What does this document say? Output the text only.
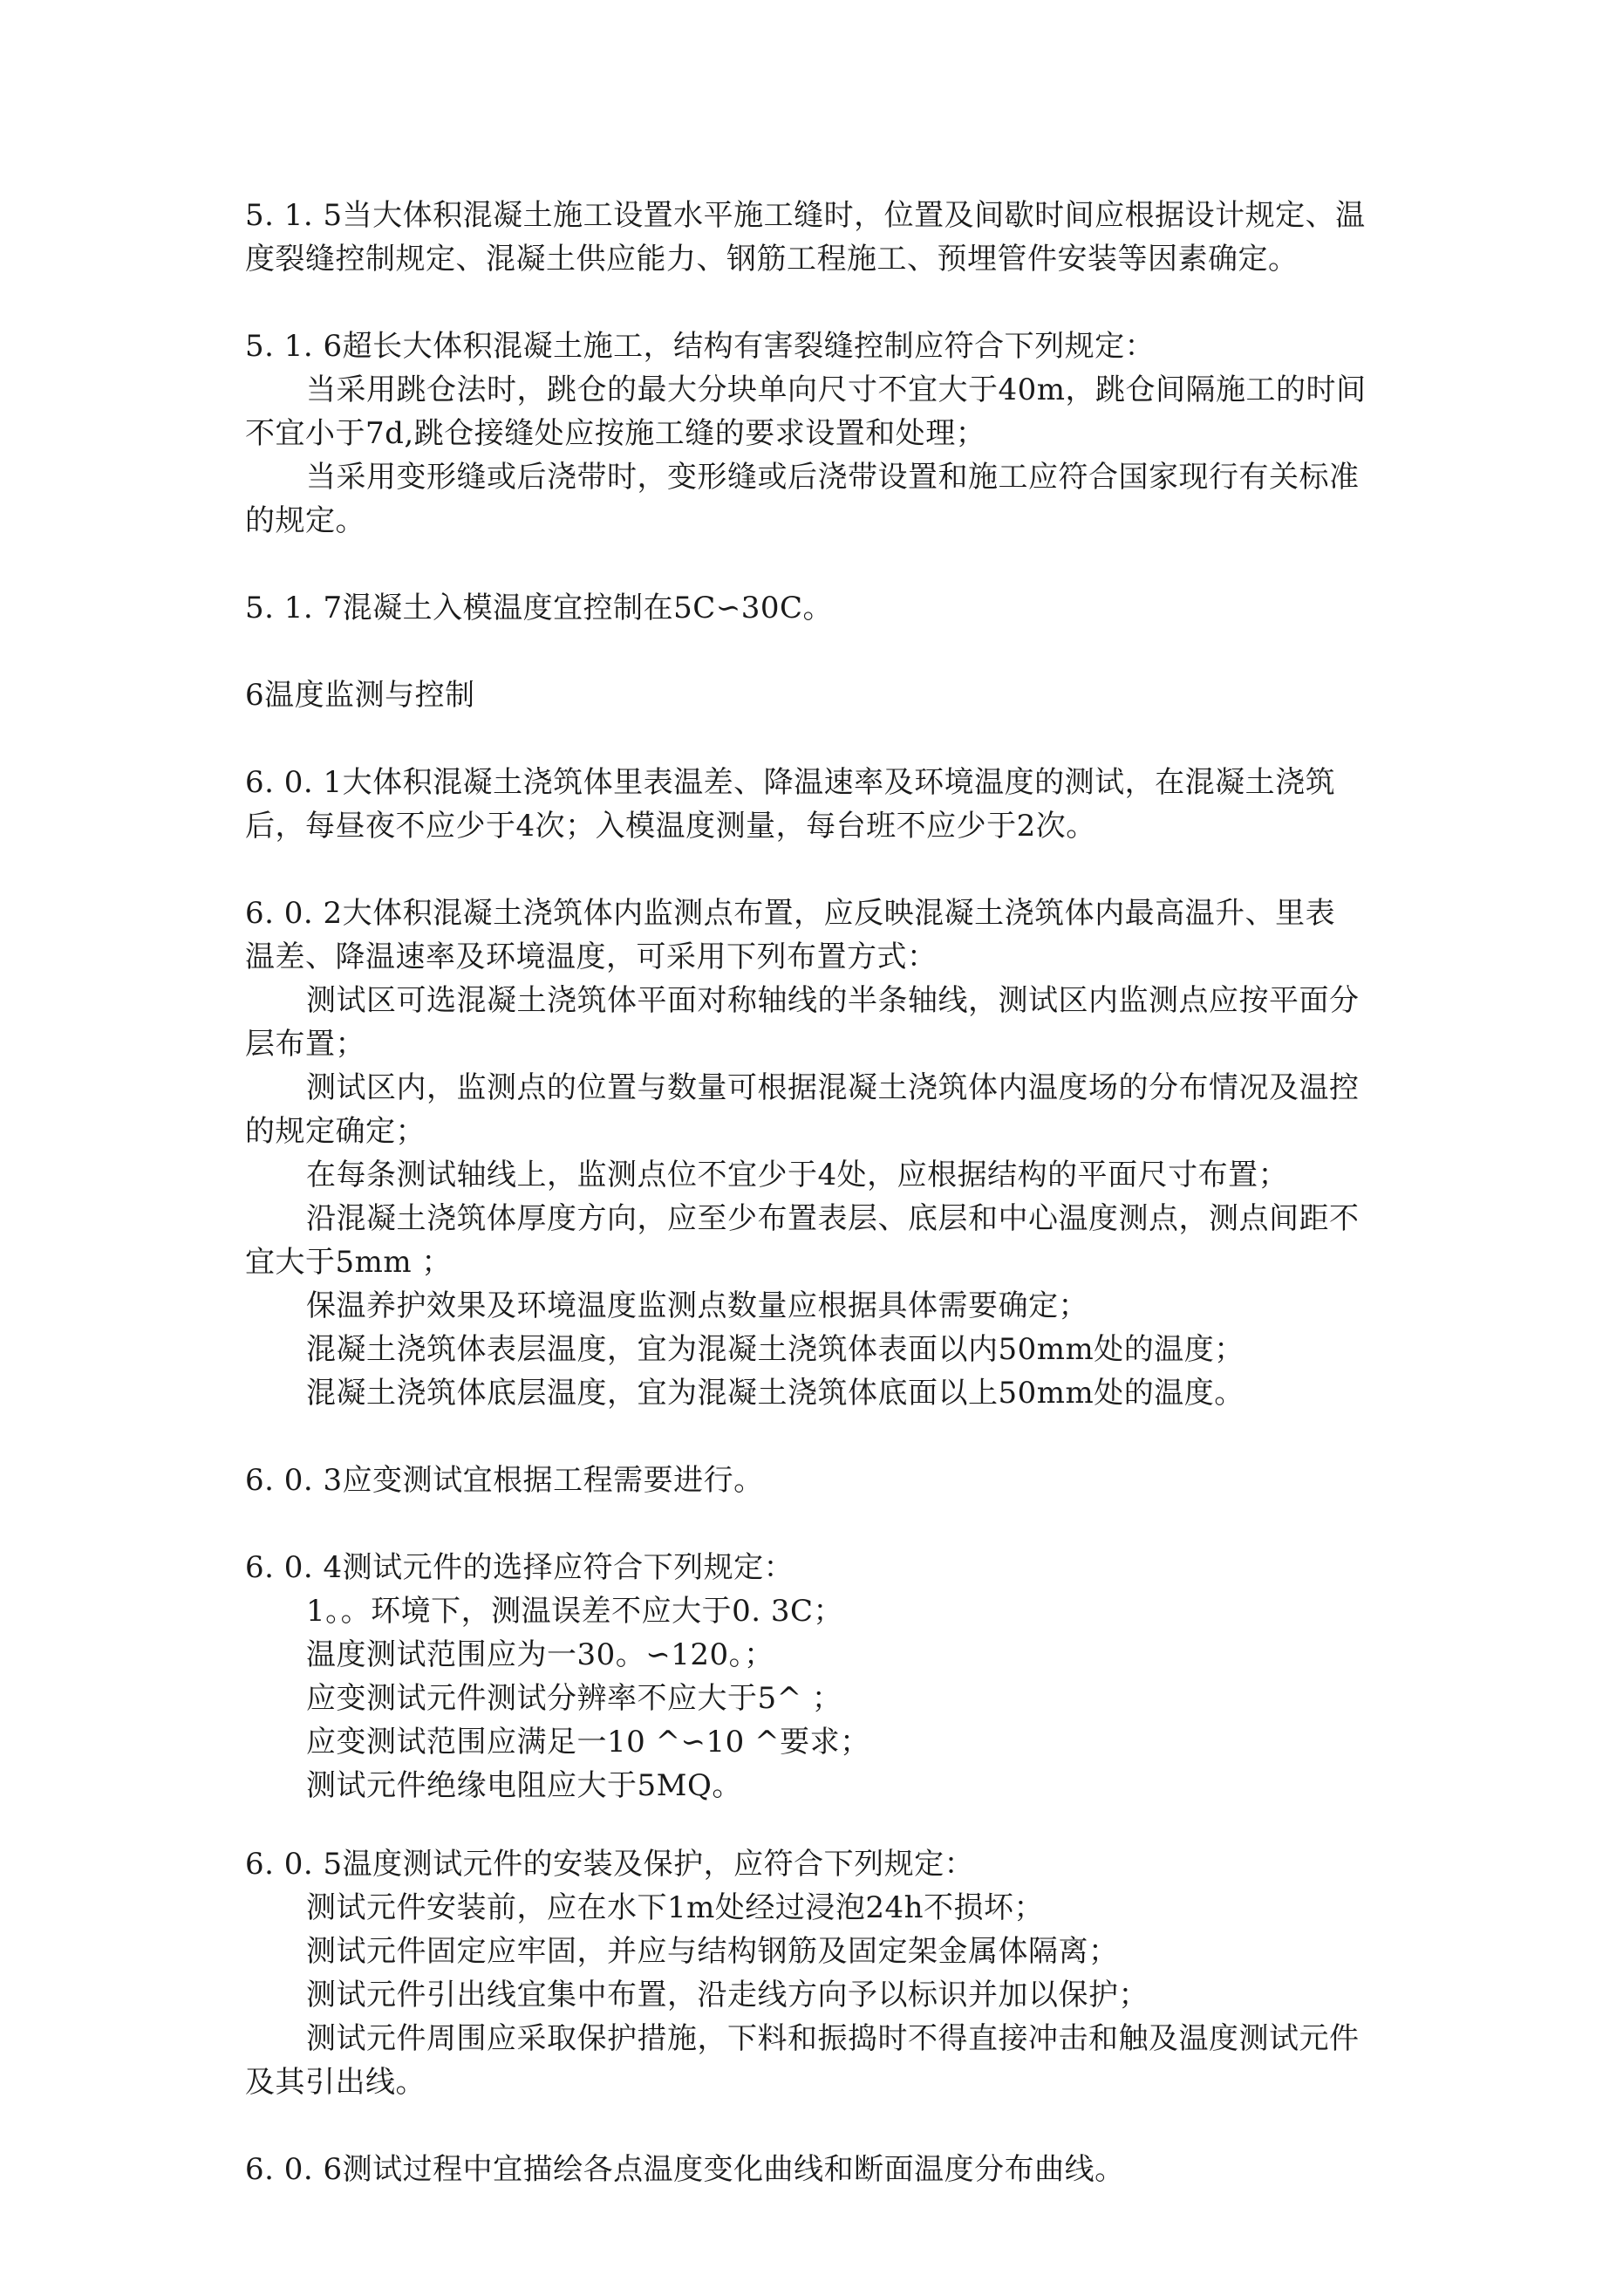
5. 1. 5当大体积混凝土施工设置水平施工缝时，位置及间歇时间应根据设计规定、温
度裂缝控制规定、混凝土供应能力、钢筋工程施工、预埋管件安装等因素确定。
5. 1. 6超长大体积混凝土施工，结构有害裂缝控制应符合下列规定：
当采用跳仓法时，跳仓的最大分块单向尺寸不宜大于40m，跳仓间隔施工的时间
不宜小于7d,跳仓接缝处应按施工缝的要求设置和处理；
当采用变形缝或后浇带时，变形缝或后浇带设置和施工应符合国家现行有关标准
的规定。
5. 1. 7混凝土入模温度宜控制在5C∽30C。
6温度监测与控制
6. 0. 1大体积混凝土浇筑体里表温差、降温速率及环境温度的测试，在混凝土浇筑
后，每昼夜不应少于4次；入模温度测量，每台班不应少于2次。
6. 0. 2大体积混凝土浇筑体内监测点布置，应反映混凝土浇筑体内最高温升、里表
温差、降温速率及环境温度，可采用下列布置方式：
测试区可选混凝土浇筑体平面对称轴线的半条轴线，测试区内监测点应按平面分
层布置；
测试区内，监测点的位置与数量可根据混凝土浇筑体内温度场的分布情况及温控
的规定确定；
在每条测试轴线上，监测点位不宜少于4处，应根据结构的平面尺寸布置；
沿混凝土浇筑体厚度方向，应至少布置表层、底层和中心温度测点，测点间距不
宜大于5mm ；
保温养护效果及环境温度监测点数量应根据具体需要确定；
混凝土浇筑体表层温度，宜为混凝土浇筑体表面以内50mm处的温度；
混凝土浇筑体底层温度，宜为混凝土浇筑体底面以上50mm处的温度。
6. 0. 3应变测试宜根据工程需要进行。
6. 0. 4测试元件的选择应符合下列规定：
1。。环境下，测温误差不应大于0. 3C；
温度测试范围应为一30。∽120。；
应变测试元件测试分辨率不应大于5^ ；
应变测试范围应满足一10 ^∽10 ^要求；
测试元件绝缘电阻应大于5MQ。
6. 0. 5温度测试元件的安装及保护，应符合下列规定：
测试元件安装前，应在水下1m处经过浸泡24h不损坏；
测试元件固定应牢固，并应与结构钢筋及固定架金属体隔离；
测试元件引出线宜集中布置，沿走线方向予以标识并加以保护；
测试元件周围应采取保护措施，下料和振捣时不得直接冲击和触及温度测试元件
及其引出线。
6. 0. 6测试过程中宜描绘各点温度变化曲线和断面温度分布曲线。
